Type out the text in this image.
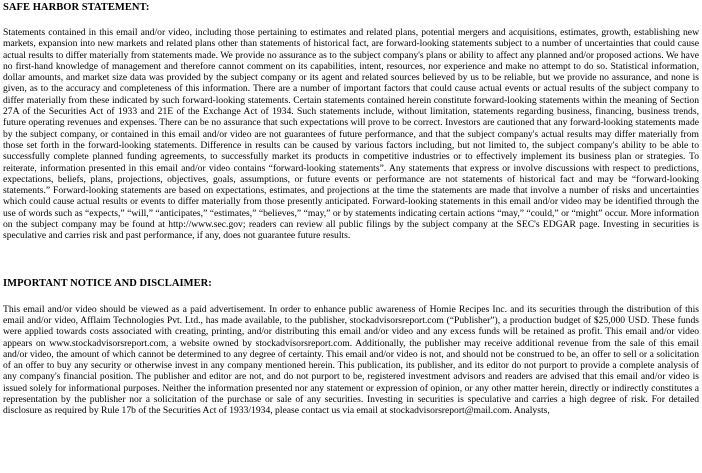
SAFE HARBOR STATEMENT:

Statements contained in this email and/or video, including those pertaining to estimates and related plans, potential mergers and acquisitions, estimates, growth, establishing new markets, expansion into new markets and related plans other than statements of historical fact, are forward-looking statements subject to a number of uncertainties that could cause actual results to differ materially from statements made. We provide no assurance as to the subject company's plans or ability to affect any planned and/or proposed actions. We have no first-hand knowledge of management and therefore cannot comment on its capabilities, intent, resources, nor experience and make no attempt to do so. Statistical information, dollar amounts, and market size data was provided by the subject company or its agent and related sources believed by us to be reliable, but we provide no assurance, and none is given, as to the accuracy and completeness of this information. There are a number of important factors that could cause actual events or actual results of the subject company to differ materially from these indicated by such forward-looking statements. Certain statements contained herein constitute forward-looking statements within the meaning of Section 27A of the Securities Act of 1933 and 21E of the Exchange Act of 1934. Such statements include, without limitation, statements regarding business, financing, business trends, future operating revenues and expenses. There can be no assurance that such expectations will prove to be correct. Investors are cautioned that any forward-looking statements made by the subject company, or contained in this email and/or video are not guarantees of future performance, and that the subject company's actual results may differ materially from those set forth in the forward-looking statements. Difference in results can be caused by various factors including, but not limited to, the subject company's ability to be able to successfully complete planned funding agreements, to successfully market its products in competitive industries or to effectively implement its business plan or strategies. To reiterate, information presented in this email and/or video contains “forward-looking statements”. Any statements that express or involve discussions with respect to predictions, expectations, beliefs, plans, projections, objectives, goals, assumptions, or future events or performance are not statements of historical fact and may be “forward-looking statements.” Forward-looking statements are based on expectations, estimates, and projections at the time the statements are made that involve a number of risks and uncertainties which could cause actual results or events to differ materially from those presently anticipated. Forward-looking statements in this email and/or video may be identified through the use of words such as “expects,” “will,” “anticipates,” “estimates,” “believes,” “may,” or by statements indicating certain actions “may,” “could,” or “might” occur. More information on the subject company may be found at http://www.sec.gov; readers can review all public filings by the subject company at the SEC's EDGAR page. Investing in securities is speculative and carries risk and past performance, if any, does not guarantee future results.

IMPORTANT NOTICE AND DISCLAIMER:

This email and/or video should be viewed as a paid advertisement. In order to enhance public awareness of Homie Recipes Inc. and its securities through the distribution of this email and/or video, Afflaim Technologies Pvt. Ltd., has made available, to the publisher, stockadvisorsreport.com (“Publisher”), a production budget of $25,000 USD. These funds were applied towards costs associated with creating, printing, and/or distributing this email and/or video and any excess funds will be retained as profit. This email and/or video appears on www.stockadvisorsreport.com, a website owned by stockadvisorsreport.com. Additionally, the publisher may receive additional revenue from the sale of this email and/or video, the amount of which cannot be determined to any degree of certainty. This email and/or video is not, and should not be construed to be, an offer to sell or a solicitation of an offer to buy any security or otherwise invest in any company mentioned herein. This publication, its publisher, and its editor do not purport to provide a complete analysis of any company's financial position. The publisher and editor are not, and do not purport to be, registered investment advisors and readers are advised that this email and/or video is issued solely for informational purposes. Neither the information presented nor any statement or expression of opinion, or any other matter herein, directly or indirectly constitutes a representation by the publisher nor a solicitation of the purchase or sale of any securities. Investing in securities is speculative and carries a high degree of risk. For detailed disclosure as required by Rule 17b of the Securities Act of 1933/1934, please contact us via email at stockadvisorsreport@mail.com. Analysts,
